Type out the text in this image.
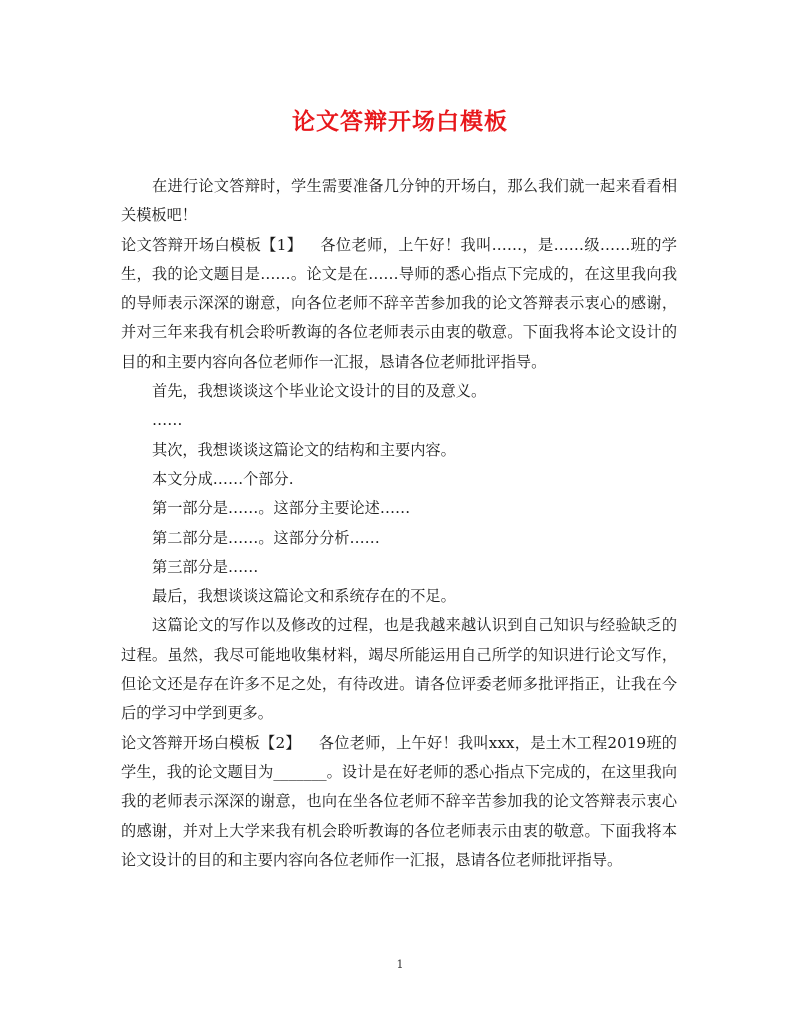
论文答辩开场白模板

在进行论文答辩时，学生需要准备几分钟的开场白，那么我们就一起来看看相关模板吧！

论文答辩开场白模板【1】 各位老师，上午好！我叫……，是……级……班的学生，我的论文题目是……。论文是在……导师的悉心指点下完成的，在这里我向我的导师表示深深的谢意，向各位老师不辞辛苦参加我的论文答辩表示衷心的感谢，并对三年来我有机会聆听教诲的各位老师表示由衷的敬意。下面我将本论文设计的目的和主要内容向各位老师作一汇报，恳请各位老师批评指导。

首先，我想谈谈这个毕业论文设计的目的及意义。

……

其次，我想谈谈这篇论文的结构和主要内容。

本文分成……个部分.

第一部分是……。这部分主要论述……

第二部分是……。这部分分析……

第三部分是……

最后，我想谈谈这篇论文和系统存在的不足。

这篇论文的写作以及修改的过程，也是我越来越认识到自己知识与经验缺乏的过程。虽然，我尽可能地收集材料，竭尽所能运用自己所学的知识进行论文写作，但论文还是存在许多不足之处，有待改进。请各位评委老师多批评指正，让我在今后的学习中学到更多。

论文答辩开场白模板【2】 各位老师，上午好！我叫xxx，是土木工程2019班的学生，我的论文题目为_______。设计是在好老师的悉心指点下完成的，在这里我向我的老师表示深深的谢意，也向在坐各位老师不辞辛苦参加我的论文答辩表示衷心的感谢，并对上大学来我有机会聆听教诲的各位老师表示由衷的敬意。下面我将本论文设计的目的和主要内容向各位老师作一汇报，恳请各位老师批评指导。

1
